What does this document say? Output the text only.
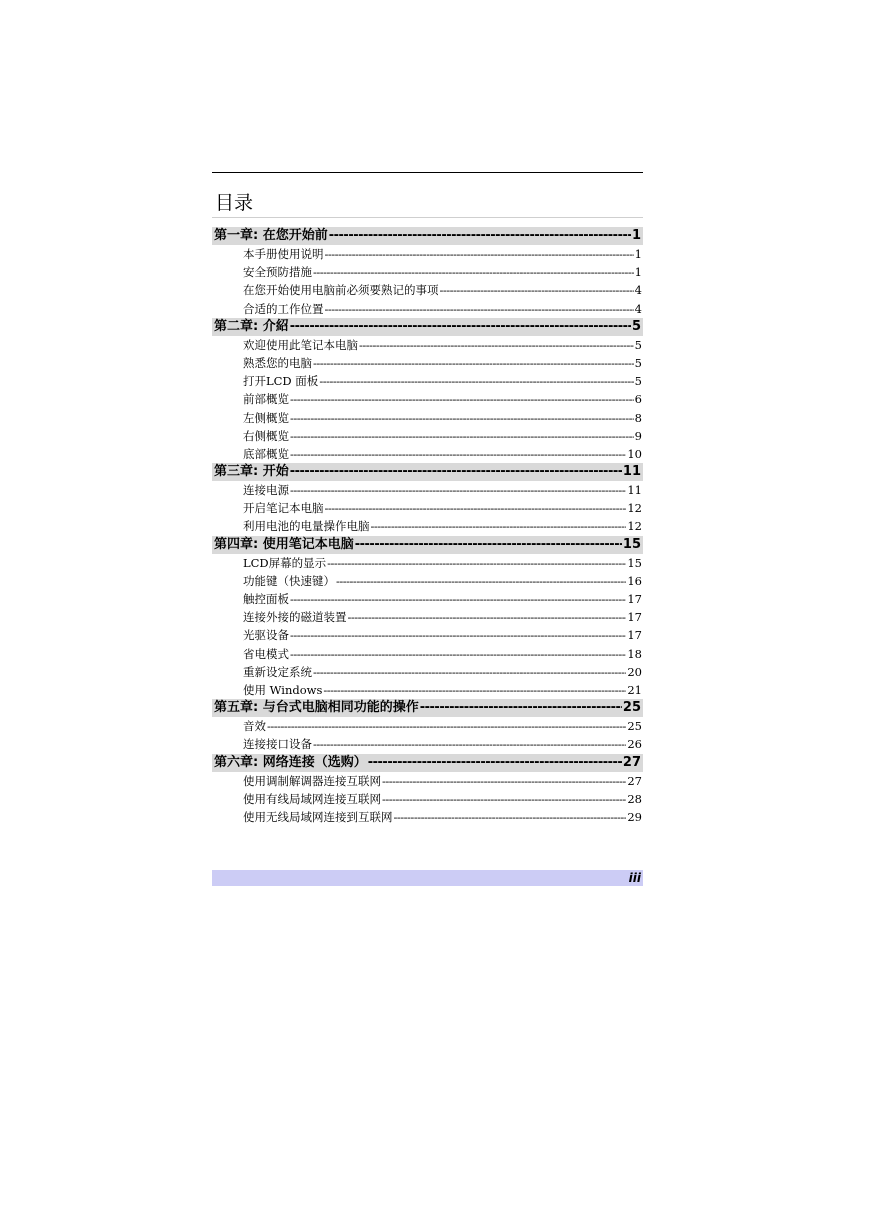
目录
第一章: 在您开始前 -----	1
本手册使用说明 -----	1
安全预防措施 -----	1
在您开始使用电脑前必须要熟记的事项 -----	4
合适的工作位置 -----	4
第二章: 介紹 -----	5
欢迎使用此笔记本电脑 -----	5
熟悉您的电脑 -----	5
打开LCD 面板 -----	5
前部概览 -----	6
左侧概览 -----	8
右侧概览 -----	9
底部概览 -----	10
第三章: 开始 -----	11
连接电源 -----	11
开启笔记本电脑 -----	12
利用电池的电量操作电脑 -----	12
第四章: 使用笔记本电脑 -----	15
LCD屏幕的显示 -----	15
功能键（快速键） -----	16
触控面板 -----	17
连接外接的磁道装置 -----	17
光驱设备 -----	17
省电模式 -----	18
重新设定系统 -----	20
使用 Windows -----	21
第五章: 与台式电脑相同功能的操作 -----	25
音效 -----	25
连接接口设备 -----	26
第六章: 网络连接（选购） -----	27
使用调制解调器连接互联网 -----	27
使用有线局域网连接互联网 -----	28
使用无线局域网连接到互联网 -----	29
iii
